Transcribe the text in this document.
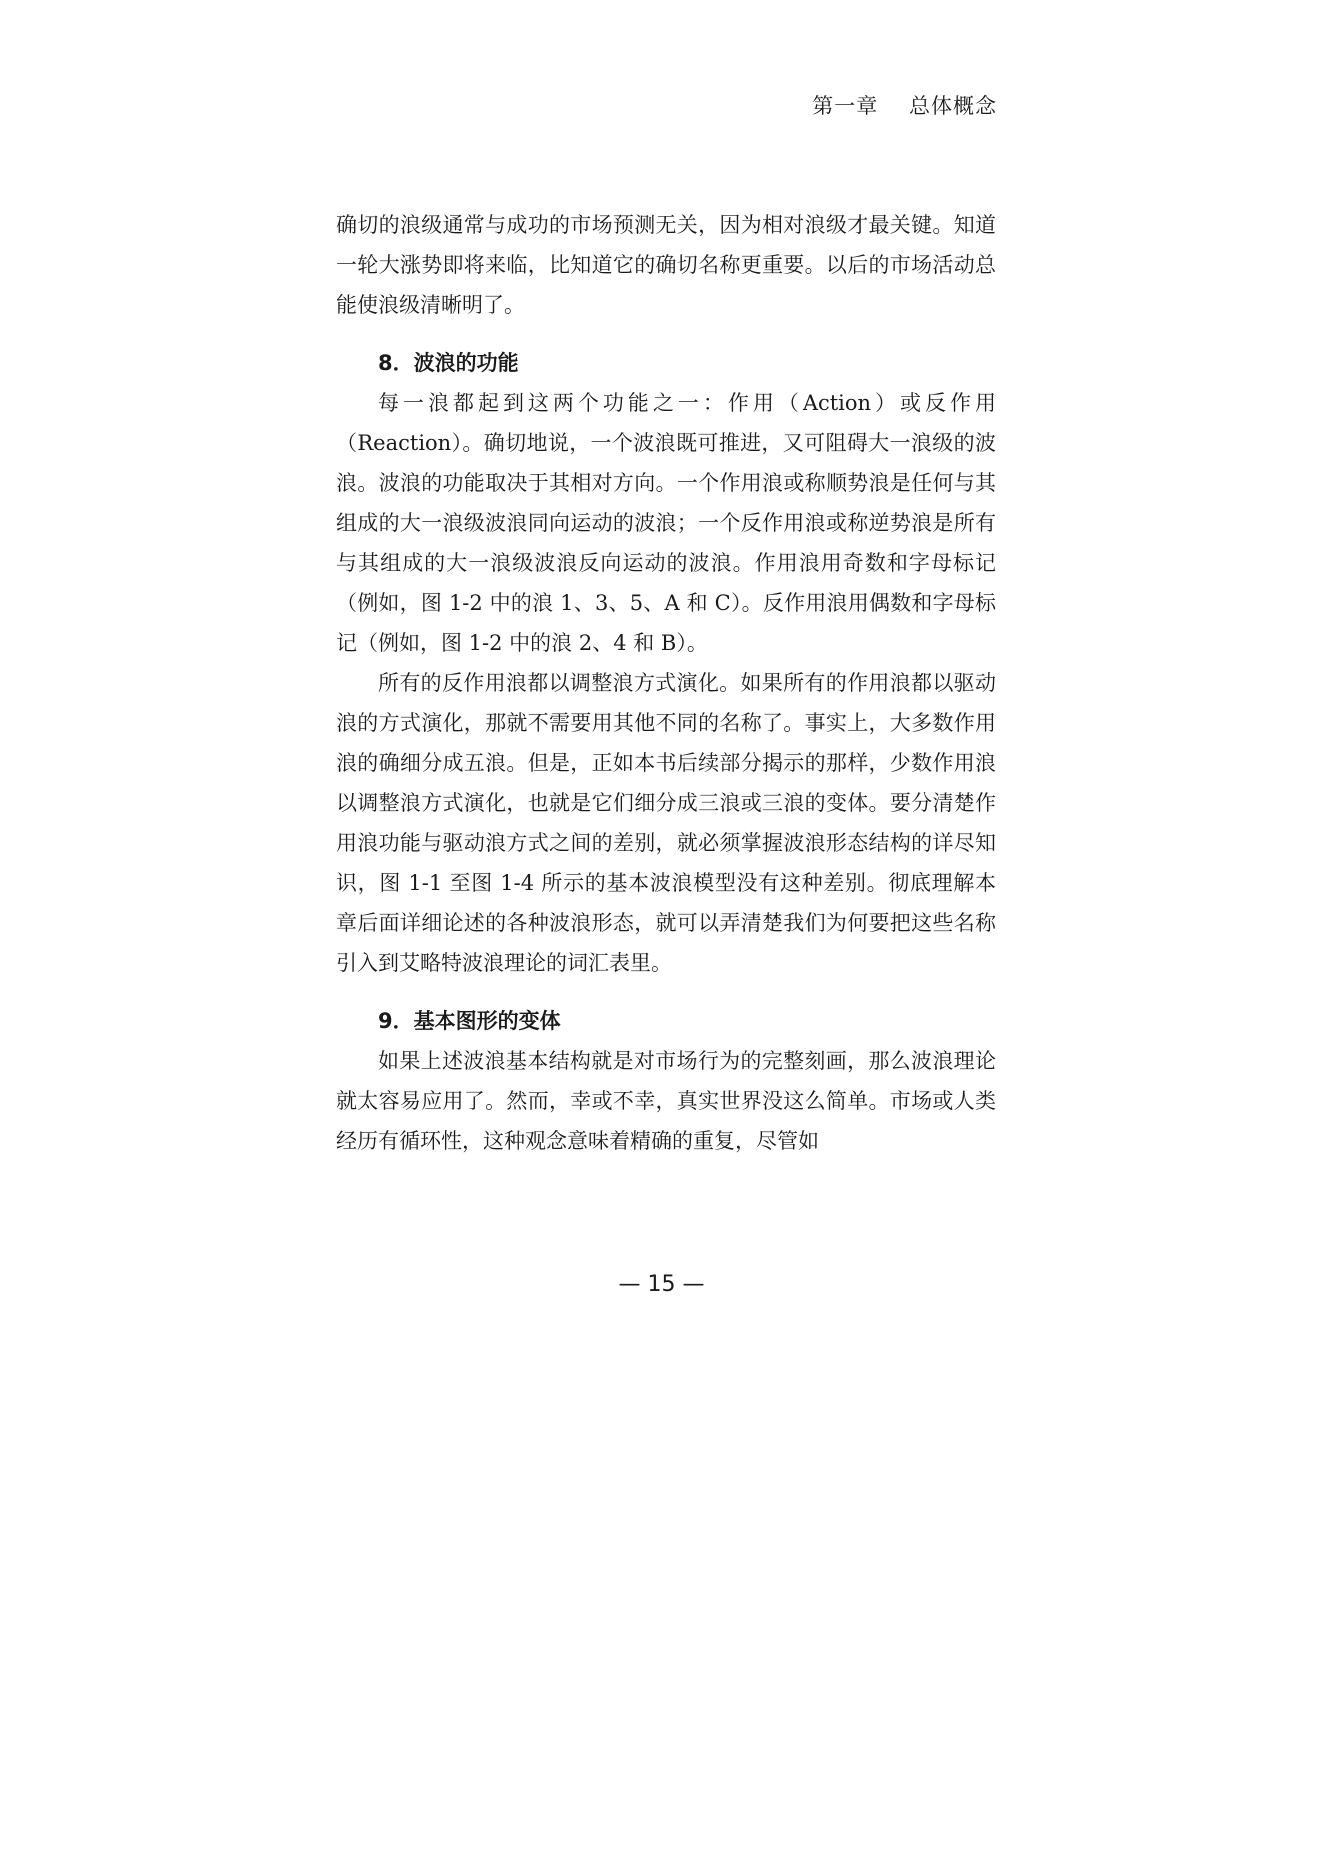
第一章    总体概念

确切的浪级通常与成功的市场预测无关，因为相对浪级才最关键。知道一轮大涨势即将来临，比知道它的确切名称更重要。以后的市场活动总能使浪级清晰明了。

8．波浪的功能

每一浪都起到这两个功能之一：作用（Action）或反作用（Reaction）。确切地说，一个波浪既可推进，又可阻碍大一浪级的波浪。波浪的功能取决于其相对方向。一个作用浪或称顺势浪是任何与其组成的大一浪级波浪同向运动的波浪；一个反作用浪或称逆势浪是所有与其组成的大一浪级波浪反向运动的波浪。作用浪用奇数和字母标记（例如，图 1-2 中的浪 1、3、5、A 和 C）。反作用浪用偶数和字母标记（例如，图 1-2 中的浪 2、4 和 B）。

所有的反作用浪都以调整浪方式演化。如果所有的作用浪都以驱动浪的方式演化，那就不需要用其他不同的名称了。事实上，大多数作用浪的确细分成五浪。但是，正如本书后续部分揭示的那样，少数作用浪以调整浪方式演化，也就是它们细分成三浪或三浪的变体。要分清楚作用浪功能与驱动浪方式之间的差别，就必须掌握波浪形态结构的详尽知识，图 1-1 至图 1-4 所示的基本波浪模型没有这种差别。彻底理解本章后面详细论述的各种波浪形态，就可以弄清楚我们为何要把这些名称引入到艾略特波浪理论的词汇表里。

9．基本图形的变体

如果上述波浪基本结构就是对市场行为的完整刻画，那么波浪理论就太容易应用了。然而，幸或不幸，真实世界没这么简单。市场或人类经历有循环性，这种观念意味着精确的重复，尽管如

— 15 —
